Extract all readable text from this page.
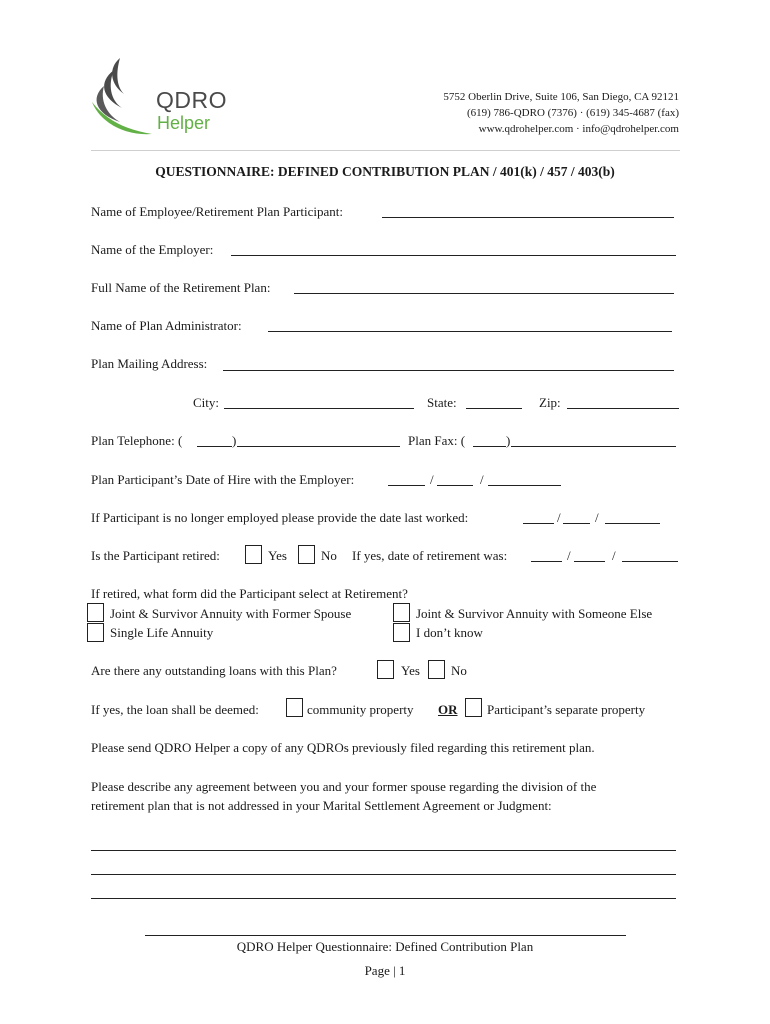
QDRO
Helper
5752 Oberlin Drive, Suite 106, San Diego, CA 92121
(619) 786-QDRO (7376) · (619) 345-4687 (fax)
www.qdrohelper.com · info@qdrohelper.com
QUESTIONNAIRE: DEFINED CONTRIBUTION PLAN / 401(k) / 457 / 403(b)
Name of Employee/Retirement Plan Participant:
Name of the Employer:
Full Name of the Retirement Plan:
Name of Plan Administrator:
Plan Mailing Address:
City:	State:	Zip:
Plan Telephone: (	)	Plan Fax: (	)
Plan Participant’s Date of Hire with the Employer:	/	/
If Participant is no longer employed please provide the date last worked:	/	/
Is the Participant retired:	Yes	No If yes, date of retirement was:	/	/
If retired, what form did the Participant select at Retirement?
Joint & Survivor Annuity with Former Spouse	Joint & Survivor Annuity with Someone Else
Single Life Annuity	I don’t know
Are there any outstanding loans with this Plan?	Yes No
If yes, the loan shall be deemed:	community property OR Participant’s separate property
Please send QDRO Helper a copy of any QDROs previously filed regarding this retirement plan.
Please describe any agreement between you and your former spouse regarding the division of the
retirement plan that is not addressed in your Marital Settlement Agreement or Judgment:
QDRO Helper Questionnaire: Defined Contribution Plan
Page | 1
